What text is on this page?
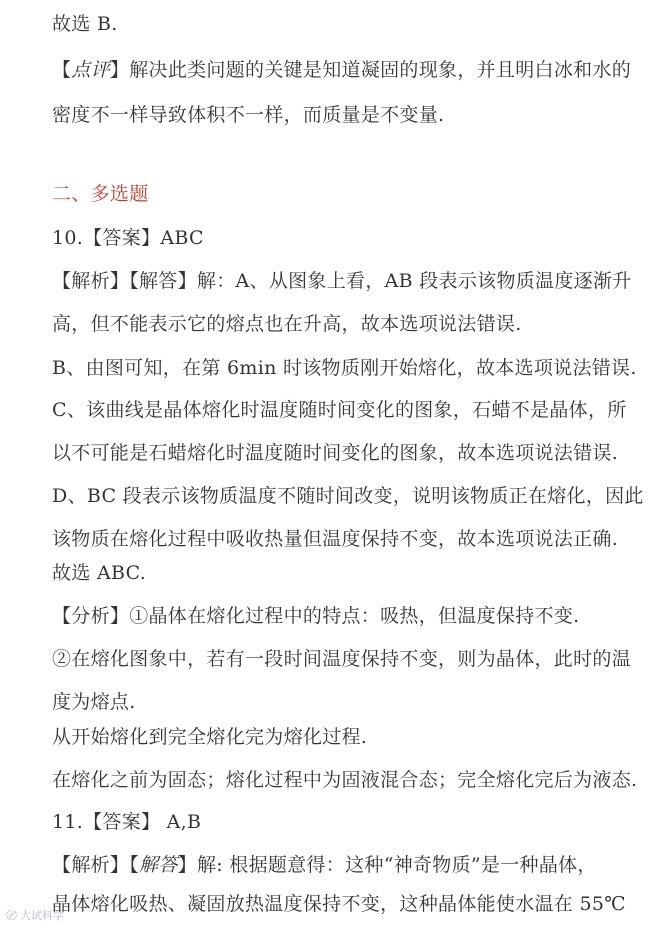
故选 B.
【点评】解决此类问题的关键是知道凝固的现象，并且明白冰和水的
密度不一样导致体积不一样，而质量是不变量.
二、多选题
10.【答案】ABC
【解析】【解答】解：A、从图象上看，AB 段表示该物质温度逐渐升
高，但不能表示它的熔点也在升高，故本选项说法错误.
B、由图可知，在第 6min 时该物质刚开始熔化，故本选项说法错误.
C、该曲线是晶体熔化时温度随时间变化的图象，石蜡不是晶体，所
以不可能是石蜡熔化时温度随时间变化的图象，故本选项说法错误.
D、BC 段表示该物质温度不随时间改变，说明该物质正在熔化，因此
该物质在熔化过程中吸收热量但温度保持不变，故本选项说法正确.
故选 ABC.
【分析】①晶体在熔化过程中的特点：吸热，但温度保持不变.
②在熔化图象中，若有一段时间温度保持不变，则为晶体，此时的温
度为熔点.
从开始熔化到完全熔化完为熔化过程.
在熔化之前为固态；熔化过程中为固液混合态；完全熔化完后为液态.
11.【答案】 A,B
【解析】【解答】解: 根据题意得：这种“神奇物质”是一种晶体，
晶体熔化吸热、凝固放热温度保持不变，这种晶体能使水温在 55℃
〄 大试科学
